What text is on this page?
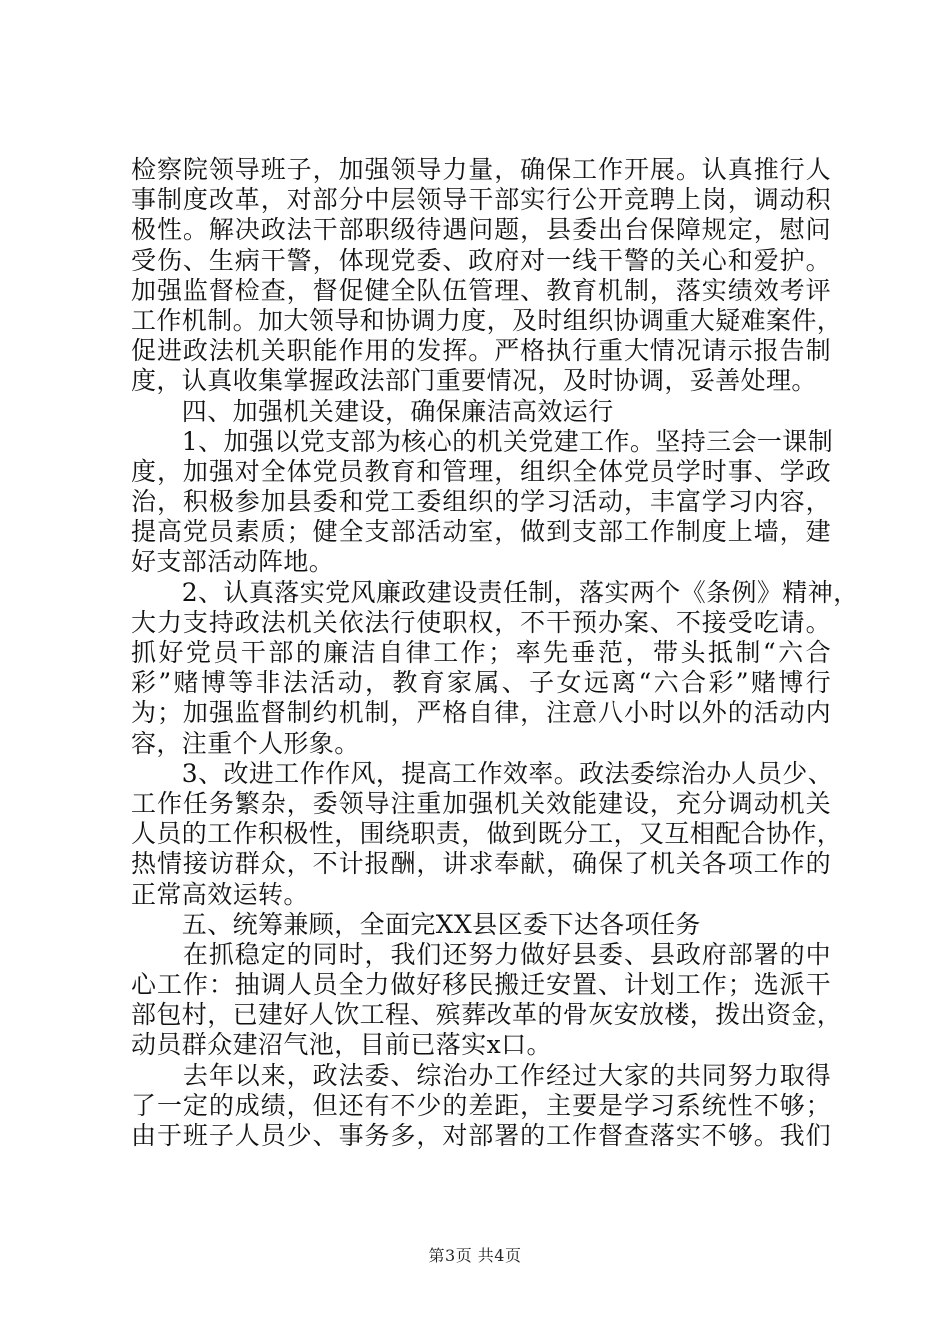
检察院领导班子，加强领导力量，确保工作开展。认真推行人
事制度改革，对部分中层领导干部实行公开竞聘上岗，调动积
极性。解决政法干部职级待遇问题，县委出台保障规定，慰问
受伤、生病干警，体现党委、政府对一线干警的关心和爱护。
加强监督检查，督促健全队伍管理、教育机制，落实绩效考评
工作机制。加大领导和协调力度，及时组织协调重大疑难案件，
促进政法机关职能作用的发挥。严格执行重大情况请示报告制
度，认真收集掌握政法部门重要情况，及时协调，妥善处理。
　　四、加强机关建设，确保廉洁高效运行
　　1、加强以党支部为核心的机关党建工作。坚持三会一课制
度，加强对全体党员教育和管理，组织全体党员学时事、学政
治，积极参加县委和党工委组织的学习活动，丰富学习内容，
提高党员素质；健全支部活动室，做到支部工作制度上墙，建
好支部活动阵地。
　　2、认真落实党风廉政建设责任制，落实两个《条例》精神，
大力支持政法机关依法行使职权，不干预办案、不接受吃请。
抓好党员干部的廉洁自律工作；率先垂范，带头抵制“六合
彩”赌博等非法活动，教育家属、子女远离“六合彩”赌博行
为；加强监督制约机制，严格自律，注意八小时以外的活动内
容，注重个人形象。
　　3、改进工作作风，提高工作效率。政法委综治办人员少、
工作任务繁杂，委领导注重加强机关效能建设，充分调动机关
人员的工作积极性，围绕职责，做到既分工，又互相配合协作，
热情接访群众，不计报酬，讲求奉献，确保了机关各项工作的
正常高效运转。
　　五、统筹兼顾，全面完XX县区委下达各项任务
　　在抓稳定的同时，我们还努力做好县委、县政府部署的中
心工作：抽调人员全力做好移民搬迁安置、计划工作；选派干
部包村，已建好人饮工程、殡葬改革的骨灰安放楼，拨出资金，
动员群众建沼气池，目前已落实x口。
　　去年以来，政法委、综治办工作经过大家的共同努力取得
了一定的成绩，但还有不少的差距，主要是学习系统性不够；
由于班子人员少、事务多，对部署的工作督查落实不够。我们
第3页 共4页
